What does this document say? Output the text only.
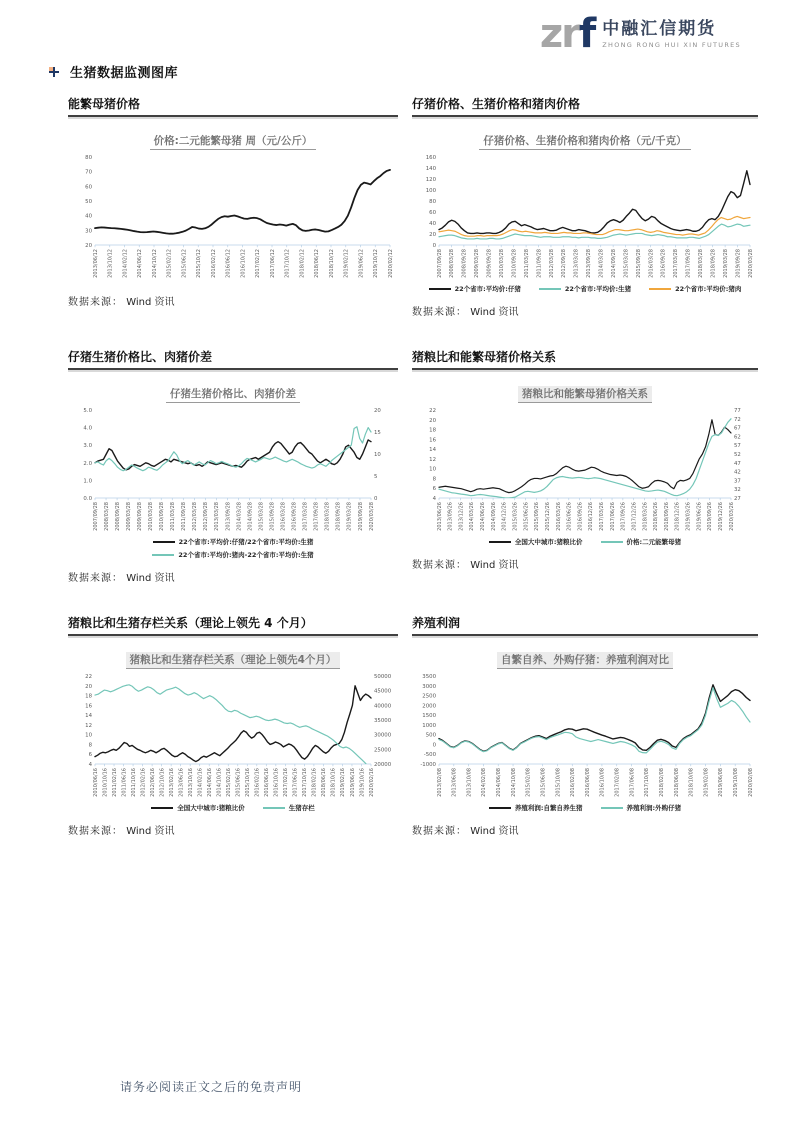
zrf 中融汇信期货
ZHONG RONG HUI XIN FUTURES
生猪数据监测图库
能繁母猪价格
价格:二元能繁母猪 周（元/公斤）
80
70
60
50
40
30
20
2013/06/12 2013/10/12 2014/02/12 2014/06/12 2014/10/12 2015/02/12 2015/06/12 2015/10/12 2016/02/12 2016/06/12 2016/10/12 2017/02/12 2017/06/12 2017/10/12 2018/02/12 2018/06/12 2018/10/12 2019/02/12 2019/06/12 2019/10/12 2020/02/12
数据来源： Wind 资讯
仔猪价格、生猪价格和猪肉价格
仔猪价格、生猪价格和猪肉价格（元/千克）
160
140
120
100
80
60
40
20
0
2007/09/28 2008/03/28 2008/09/28 2009/03/28 2009/09/28 2010/03/28 2010/09/28 2011/03/28 2011/09/28 2012/03/28 2012/09/28 2013/03/28 2013/09/28 2014/03/28 2014/09/28 2015/03/28 2015/09/28 2016/03/28 2016/09/28 2017/03/28 2017/09/28 2018/03/28 2018/09/28 2019/03/28 2019/09/28 2020/03/28
22个省市:平均价:仔猪	22个省市:平均价:生猪	22个省市:平均价:猪肉
数据来源： Wind 资讯
仔猪生猪价格比、肉猪价差
仔猪生猪价格比、肉猪价差
5.0
4.0
3.0
2.0
1.0
0.0
20
15
10
5
0
2007/09/28 2008/03/28 2008/09/28 2009/03/28 2009/09/28 2010/03/28 2010/09/28 2011/03/28 2011/09/28 2012/03/28 2012/09/28 2013/03/28 2013/09/28 2014/03/28 2014/09/28 2015/03/28 2015/09/28 2016/03/28 2016/09/28 2017/03/28 2017/09/28 2018/03/28 2018/09/28 2019/03/28 2019/09/28 2020/03/28
22个省市:平均价:仔猪/22个省市:平均价:生猪
22个省市:平均价:猪肉-22个省市:平均价:生猪
数据来源： Wind 资讯
猪粮比和能繁母猪价格关系
猪粮比和能繁母猪价格关系
22
20
18
16
14
12
10
8
6
4
77
72
67
62
57
52
47
42
37
32
27
2013/06/26 2013/09/26 2013/12/26 2014/03/26 2014/06/26 2014/09/26 2014/12/26 2015/03/26 2015/06/26 2015/09/26 2015/12/26 2016/03/26 2016/06/26 2016/09/26 2016/12/26 2017/03/26 2017/06/26 2017/09/26 2017/12/26 2018/03/26 2018/06/26 2018/09/26 2018/12/26 2019/03/26 2019/06/26 2019/09/26 2019/12/26 2020/03/26
全国大中城市:猪粮比价	价格:二元能繁母猪
数据来源： Wind 资讯
猪粮比和生猪存栏关系（理论上领先 4 个月）
猪粮比和生猪存栏关系（理论上领先4个月）
22
20
18
16
14
12
10
8
6
4
50000
45000
40000
35000
30000
25000
20000
2010/06/16 2010/10/16 2011/02/16 2011/06/16 2011/10/16 2012/02/16 2012/06/16 2012/10/16 2013/02/16 2013/06/16 2013/10/16 2014/02/16 2014/06/16 2014/10/16 2015/02/16 2015/06/16 2015/10/16 2016/02/16 2016/06/16 2016/10/16 2017/02/16 2017/06/16 2017/10/16 2018/02/16 2018/06/16 2018/10/16 2019/02/16 2019/06/16 2019/10/16 2020/02/16
全国大中城市:猪粮比价	生猪存栏
数据来源： Wind 资讯
养殖利润
自繁自养、外购仔猪：养殖利润对比
3500
3000
2500
2000
1500
1000
500
0
-500
-1000
2013/02/08 2013/06/08 2013/10/08 2014/02/08 2014/06/08 2014/10/08 2015/02/08 2015/06/08 2015/10/08 2016/02/08 2016/06/08 2016/10/08 2017/02/08 2017/06/08 2017/10/08 2018/02/08 2018/06/08 2018/10/08 2019/02/08 2019/06/08 2019/10/08 2020/02/08
养殖利润:自繁自养生猪	养殖利润:外购仔猪
数据来源： Wind 资讯
请务必阅读正文之后的免责声明
